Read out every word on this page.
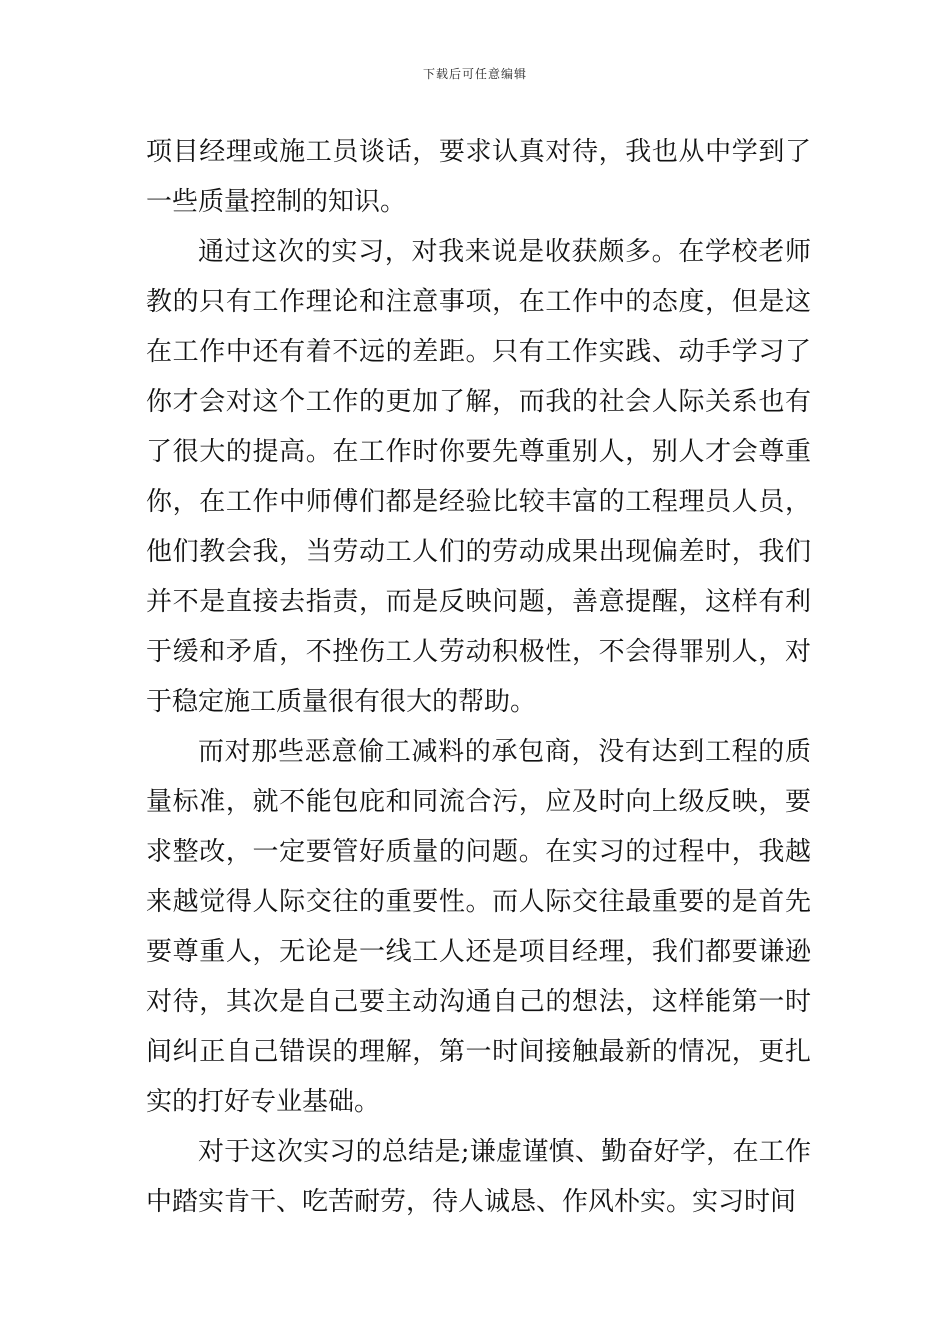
下载后可任意编辑

项目经理或施工员谈话，要求认真对待，我也从中学到了一些质量控制的知识。

通过这次的实习，对我来说是收获颇多。在学校老师教的只有工作理论和注意事项，在工作中的态度，但是这在工作中还有着不远的差距。只有工作实践、动手学习了你才会对这个工作的更加了解，而我的社会人际关系也有了很大的提高。在工作时你要先尊重别人，别人才会尊重你，在工作中师傅们都是经验比较丰富的工程理员人员，他们教会我，当劳动工人们的劳动成果出现偏差时，我们并不是直接去指责，而是反映问题，善意提醒，这样有利于缓和矛盾，不挫伤工人劳动积极性，不会得罪别人，对于稳定施工质量很有很大的帮助。

而对那些恶意偷工减料的承包商，没有达到工程的质量标准，就不能包庇和同流合污，应及时向上级反映，要求整改，一定要管好质量的问题。在实习的过程中，我越来越觉得人际交往的重要性。而人际交往最重要的是首先要尊重人，无论是一线工人还是项目经理，我们都要谦逊对待，其次是自己要主动沟通自己的想法，这样能第一时间纠正自己错误的理解，第一时间接触最新的情况，更扎实的打好专业基础。

对于这次实习的总结是;谦虚谨慎、勤奋好学，在工作中踏实肯干、吃苦耐劳，待人诚恳、作风朴实。实习时间
